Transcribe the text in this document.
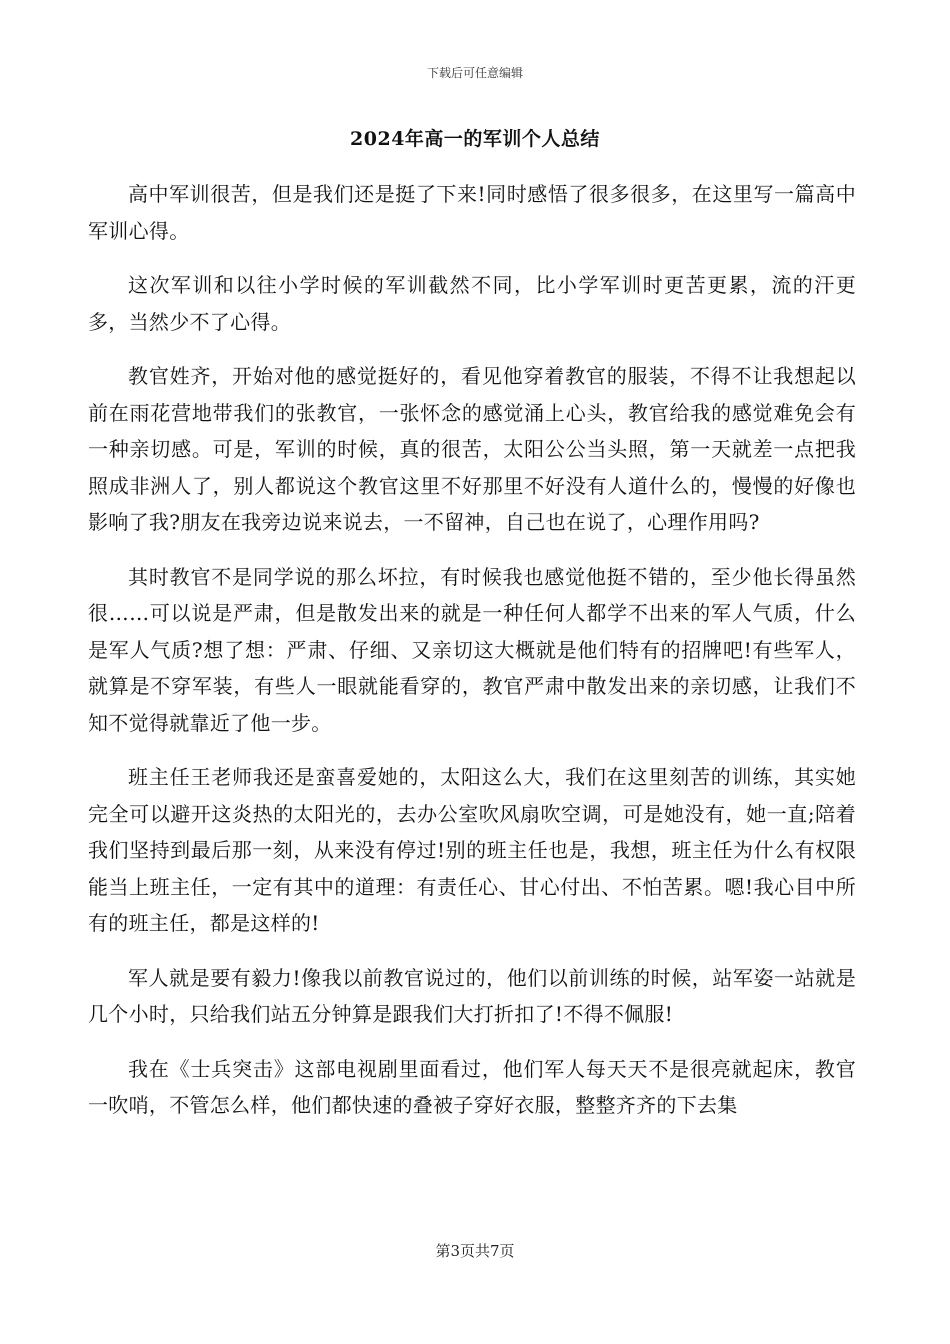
下载后可任意编辑
2024年高一的军训个人总结

高中军训很苦，但是我们还是挺了下来!同时感悟了很多很多，在这里写一篇高中军训心得。

这次军训和以往小学时候的军训截然不同，比小学军训时更苦更累，流的汗更多，当然少不了心得。

教官姓齐，开始对他的感觉挺好的，看见他穿着教官的服装，不得不让我想起以前在雨花营地带我们的张教官，一张怀念的感觉涌上心头，教官给我的感觉难免会有一种亲切感。可是，军训的时候，真的很苦，太阳公公当头照，第一天就差一点把我照成非洲人了，别人都说这个教官这里不好那里不好没有人道什么的，慢慢的好像也影响了我?朋友在我旁边说来说去，一不留神，自己也在说了，心理作用吗?

其时教官不是同学说的那么坏拉，有时候我也感觉他挺不错的，至少他长得虽然很……可以说是严肃，但是散发出来的就是一种任何人都学不出来的军人气质，什么是军人气质?想了想：严肃、仔细、又亲切这大概就是他们特有的招牌吧!有些军人，就算是不穿军装，有些人一眼就能看穿的，教官严肃中散发出来的亲切感，让我们不知不觉得就靠近了他一步。

班主任王老师我还是蛮喜爱她的，太阳这么大，我们在这里刻苦的训练，其实她完全可以避开这炎热的太阳光的，去办公室吹风扇吹空调，可是她没有，她一直;陪着我们坚持到最后那一刻，从来没有停过!别的班主任也是，我想，班主任为什么有权限能当上班主任，一定有其中的道理：有责任心、甘心付出、不怕苦累。嗯!我心目中所有的班主任，都是这样的!

军人就是要有毅力!像我以前教官说过的，他们以前训练的时候，站军姿一站就是几个小时，只给我们站五分钟算是跟我们大打折扣了!不得不佩服!

我在《士兵突击》这部电视剧里面看过，他们军人每天天不是很亮就起床，教官一吹哨，不管怎么样，他们都快速的叠被子穿好衣服，整整齐齐的下去集

第3页共7页
